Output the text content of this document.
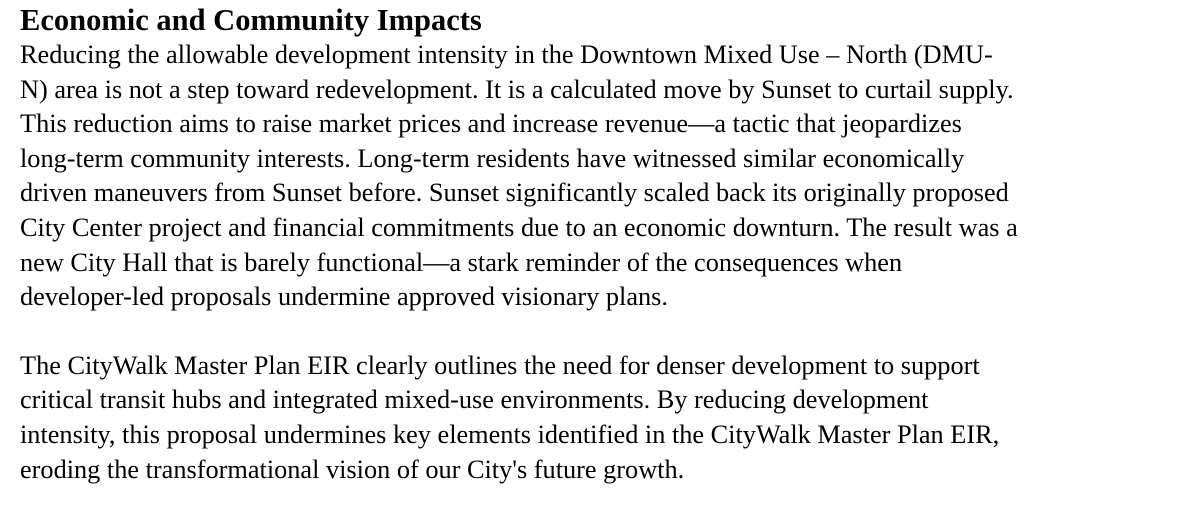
Economic and Community Impacts

Reducing the allowable development intensity in the Downtown Mixed Use – North (DMU-
N) area is not a step toward redevelopment. It is a calculated move by Sunset to curtail supply.
This reduction aims to raise market prices and increase revenue—a tactic that jeopardizes
long-term community interests. Long-term residents have witnessed similar economically
driven maneuvers from Sunset before. Sunset significantly scaled back its originally proposed
City Center project and financial commitments due to an economic downturn. The result was a
new City Hall that is barely functional—a stark reminder of the consequences when
developer-led proposals undermine approved visionary plans.

The CityWalk Master Plan EIR clearly outlines the need for denser development to support
critical transit hubs and integrated mixed-use environments. By reducing development
intensity, this proposal undermines key elements identified in the CityWalk Master Plan EIR,
eroding the transformational vision of our City's future growth.
